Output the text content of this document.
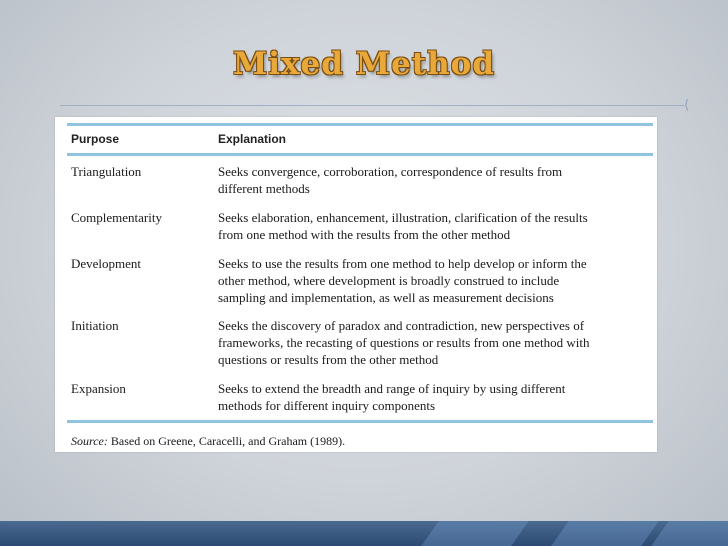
Mixed Method
⟨
Purpose	Explanation
Triangulation	Seeks convergence, corroboration, correspondence of results from
different methods
Complementarity	Seeks elaboration, enhancement, illustration, clarification of the results
from one method with the results from the other method
Development	Seeks to use the results from one method to help develop or inform the
other method, where development is broadly construed to include
sampling and implementation, as well as measurement decisions
Initiation	Seeks the discovery of paradox and contradiction, new perspectives of
frameworks, the recasting of questions or results from one method with
questions or results from the other method
Expansion	Seeks to extend the breadth and range of inquiry by using different
methods for different inquiry components
Source: Based on Greene, Caracelli, and Graham (1989).
